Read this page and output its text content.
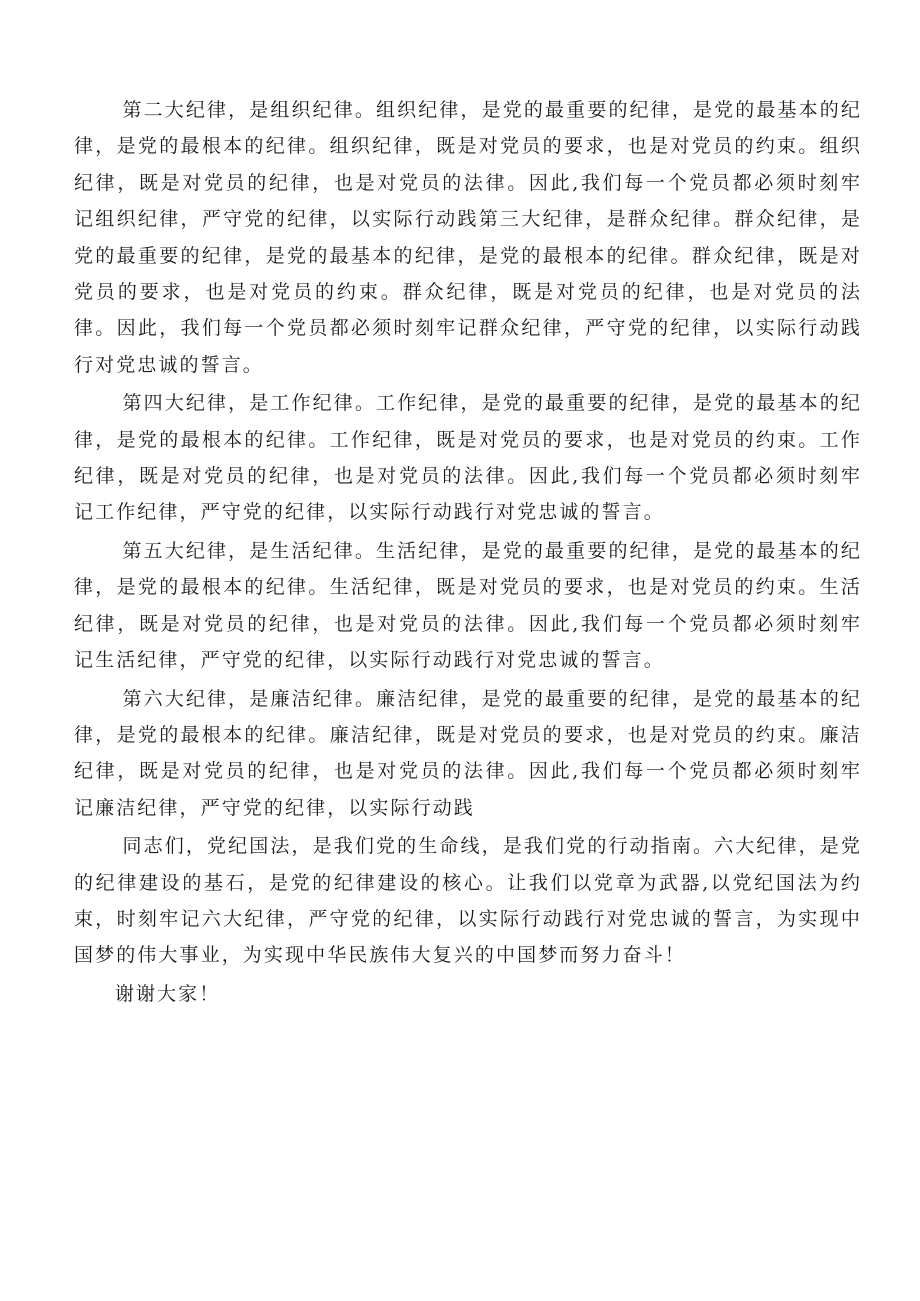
第二大纪律，是组织纪律。组织纪律，是党的最重要的纪律，是党的最基本的纪律，是党的最根本的纪律。组织纪律，既是对党员的要求，也是对党员的约束。组织纪律，既是对党员的纪律，也是对党员的法律。因此,我们每一个党员都必须时刻牢记组织纪律，严守党的纪律，以实际行动践第三大纪律，是群众纪律。群众纪律，是党的最重要的纪律，是党的最基本的纪律，是党的最根本的纪律。群众纪律，既是对党员的要求，也是对党员的约束。群众纪律，既是对党员的纪律，也是对党员的法律。因此，我们每一个党员都必须时刻牢记群众纪律，严守党的纪律，以实际行动践行对党忠诚的誓言。

第四大纪律，是工作纪律。工作纪律，是党的最重要的纪律，是党的最基本的纪律，是党的最根本的纪律。工作纪律，既是对党员的要求，也是对党员的约束。工作纪律，既是对党员的纪律，也是对党员的法律。因此,我们每一个党员都必须时刻牢记工作纪律，严守党的纪律，以实际行动践行对党忠诚的誓言。

第五大纪律，是生活纪律。生活纪律，是党的最重要的纪律，是党的最基本的纪律，是党的最根本的纪律。生活纪律，既是对党员的要求，也是对党员的约束。生活纪律，既是对党员的纪律，也是对党员的法律。因此,我们每一个党员都必须时刻牢记生活纪律，严守党的纪律，以实际行动践行对党忠诚的誓言。

第六大纪律，是廉洁纪律。廉洁纪律，是党的最重要的纪律，是党的最基本的纪律，是党的最根本的纪律。廉洁纪律，既是对党员的要求，也是对党员的约束。廉洁纪律，既是对党员的纪律，也是对党员的法律。因此,我们每一个党员都必须时刻牢记廉洁纪律，严守党的纪律，以实际行动践

同志们，党纪国法，是我们党的生命线，是我们党的行动指南。六大纪律，是党的纪律建设的基石，是党的纪律建设的核心。让我们以党章为武器,以党纪国法为约束，时刻牢记六大纪律，严守党的纪律，以实际行动践行对党忠诚的誓言，为实现中国梦的伟大事业，为实现中华民族伟大复兴的中国梦而努力奋斗！

谢谢大家！
